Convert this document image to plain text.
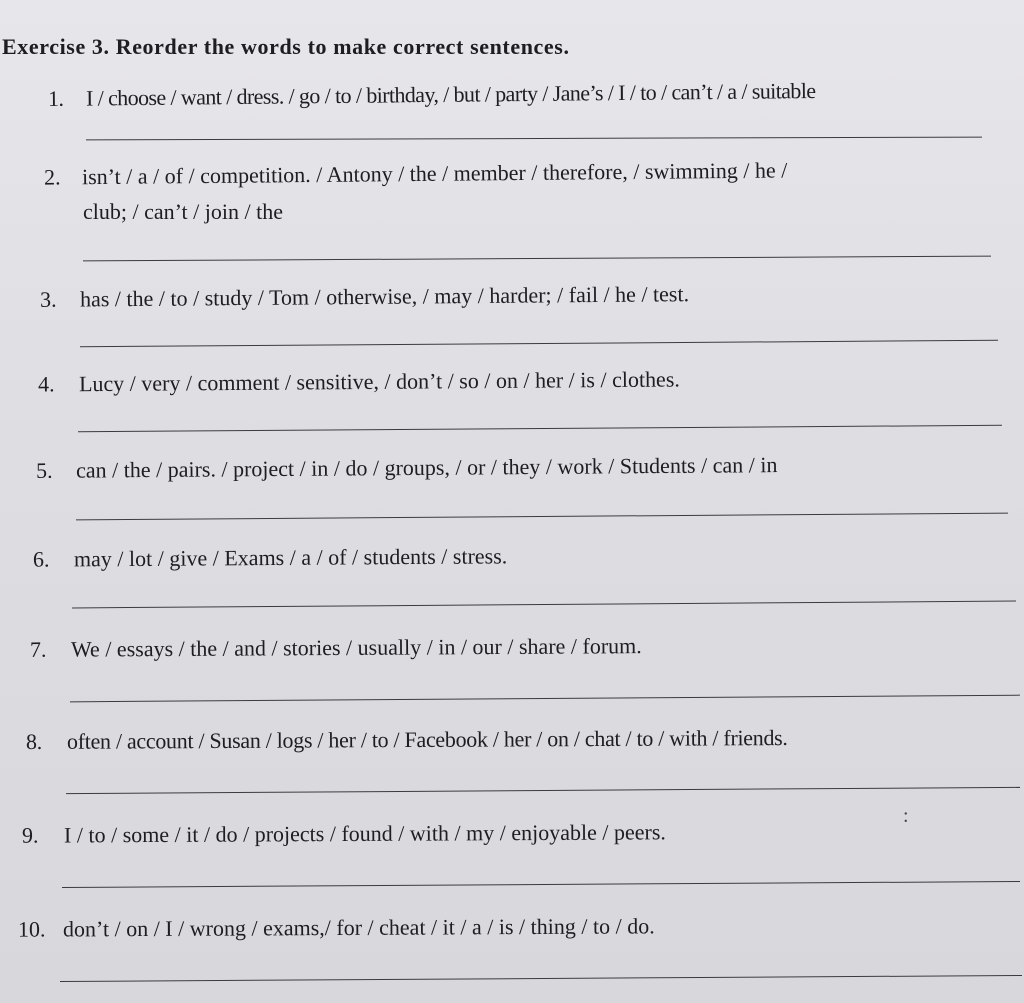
Exercise 3. Reorder the words to make correct sentences.
1. I / choose / want / dress. / go / to / birthday, / but / party / Jane’s / I / to / can’t / a / suitable
2. isn’t / a / of / competition. / Antony / the / member / therefore, / swimming / he /
club; / can’t / join / the
3. has / the / to / study / Tom / otherwise, / may / harder; / fail / he / test.
4. Lucy / very / comment / sensitive, / don’t / so / on / her / is / clothes.
5. can / the / pairs. / project / in / do / groups, / or / they / work / Students / can / in
6. may / lot / give / Exams / a / of / students / stress.
7. We / essays / the / and / stories / usually / in / our / share / forum.
8. often / account / Susan / logs / her / to / Facebook / her / on / chat / to / with / friends.
9. I / to / some / it / do / projects / found / with / my / enjoyable / peers.
:
10. don’t / on / I / wrong / exams,/ for / cheat / it / a / is / thing / to / do.
